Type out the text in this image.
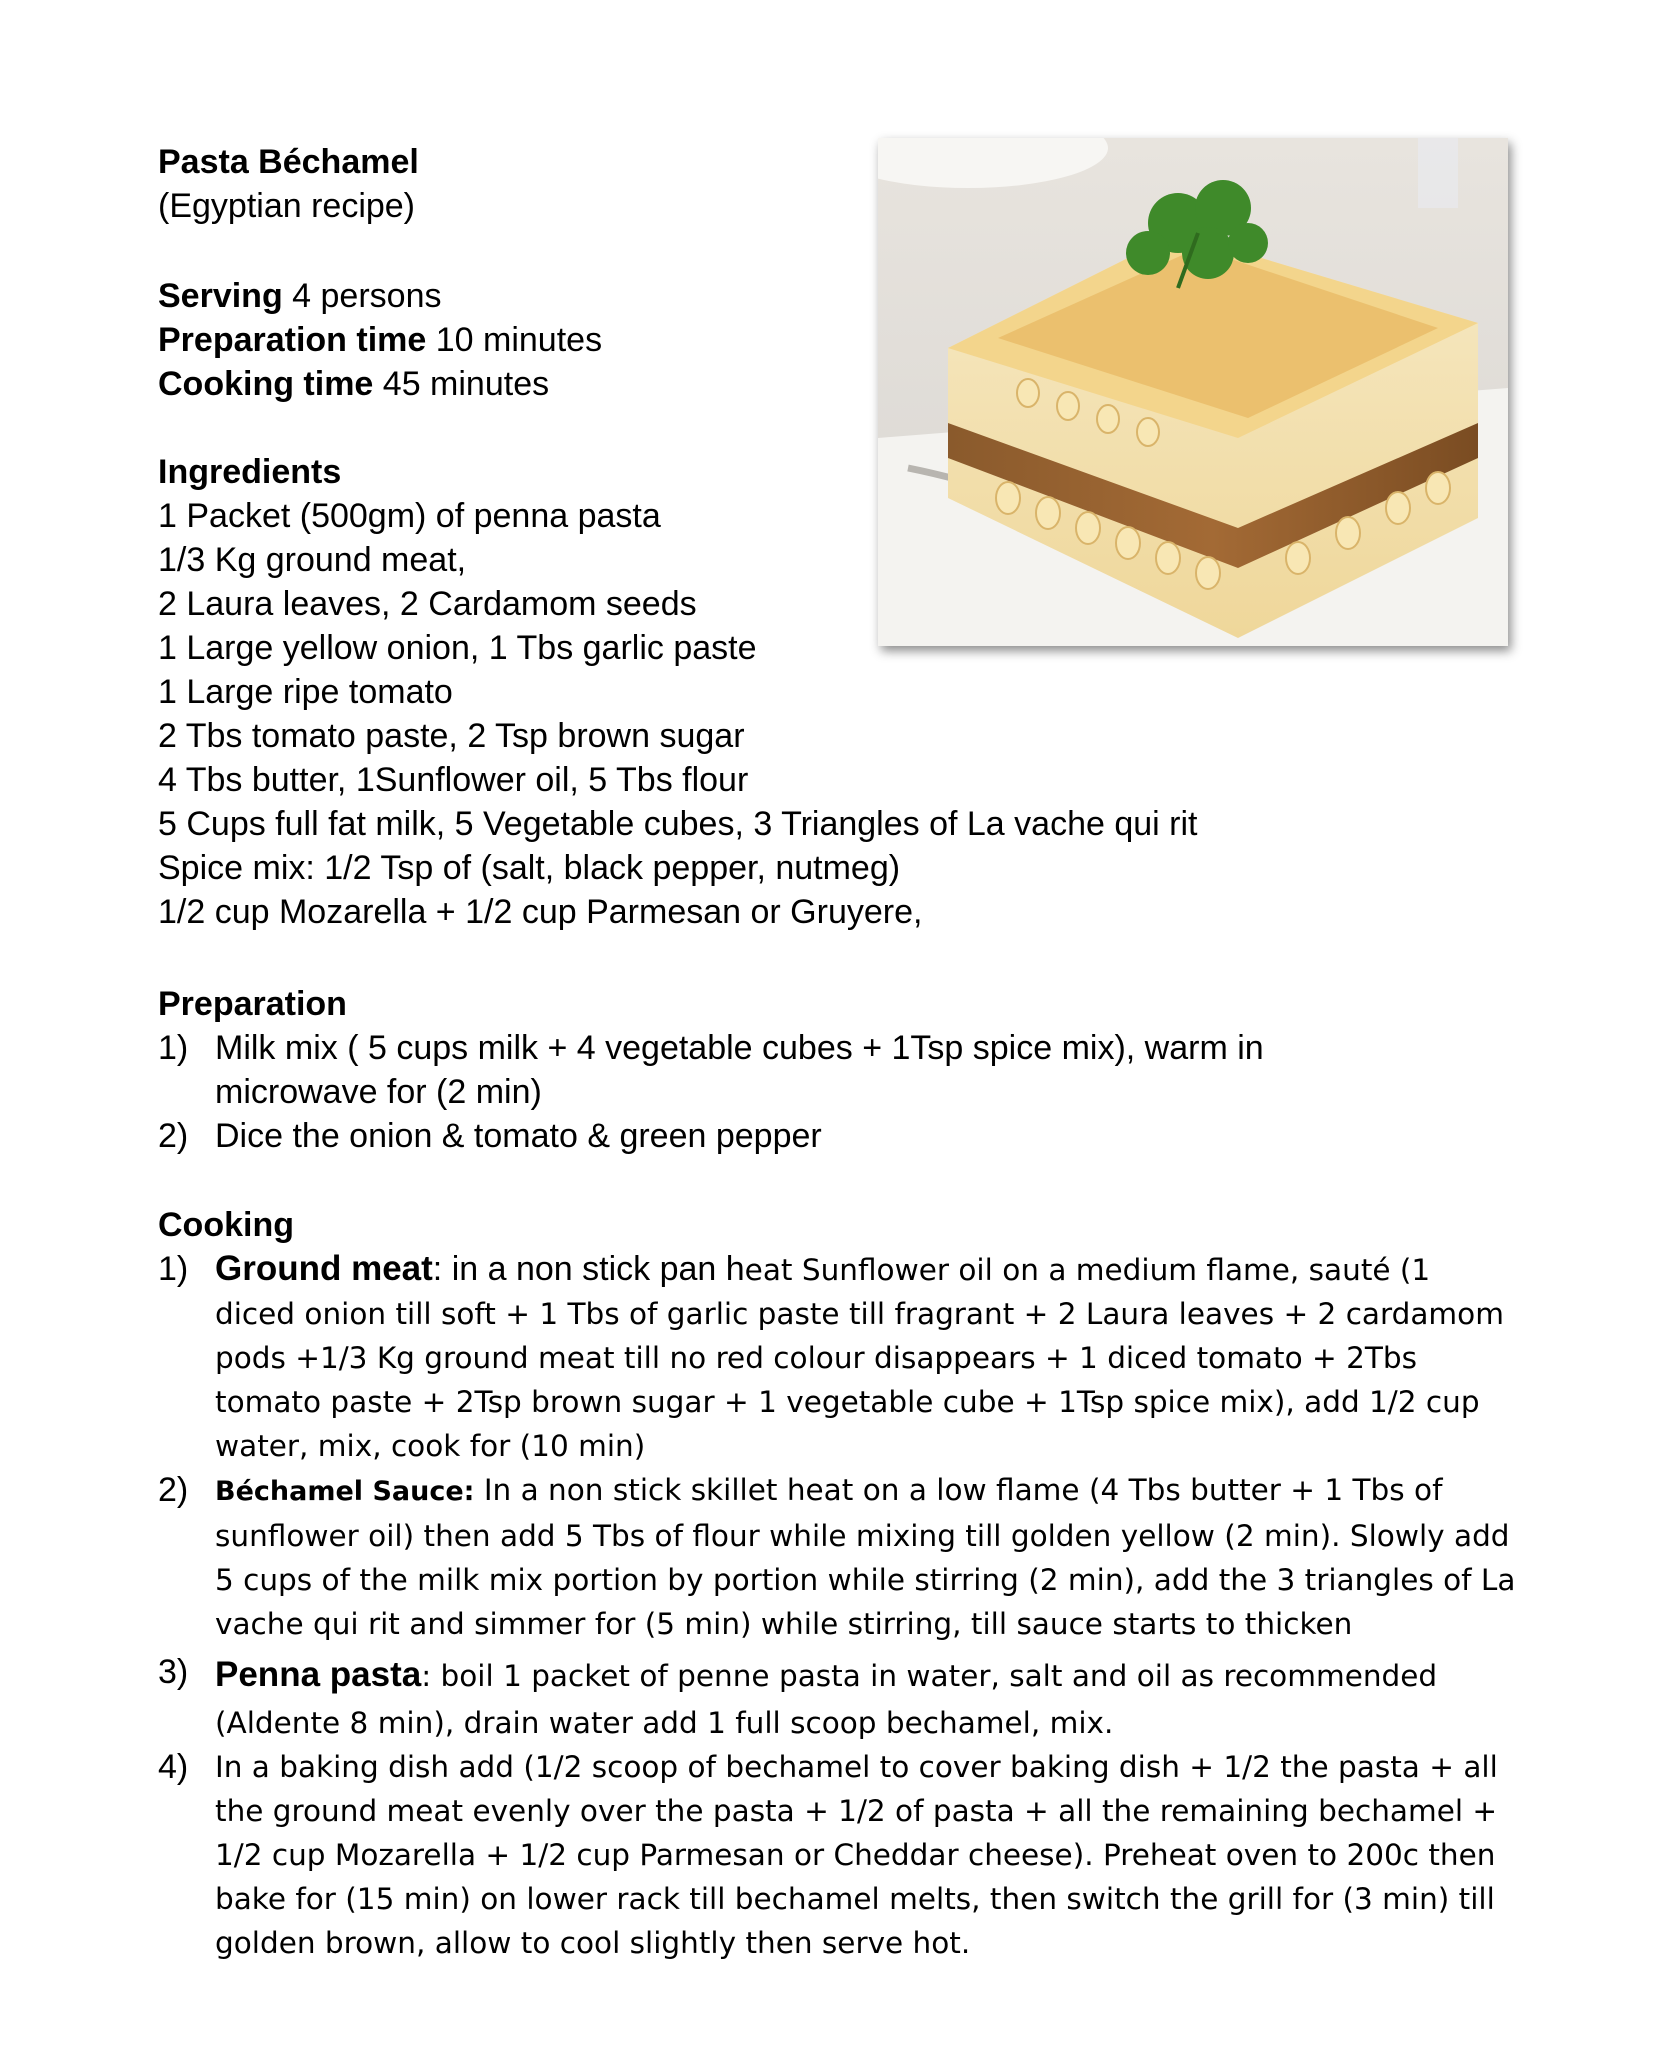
Pasta Béchamel
(Egyptian recipe)
Serving 4 persons
Preparation time 10 minutes
Cooking time 45 minutes
Ingredients
1 Packet (500gm) of penna pasta
1/3 Kg ground meat,
2 Laura leaves, 2 Cardamom seeds
1 Large yellow onion, 1 Tbs garlic paste
1 Large ripe tomato
2 Tbs tomato paste, 2 Tsp brown sugar
4 Tbs butter, 1Sunflower oil, 5 Tbs flour
5 Cups full fat milk, 5 Vegetable cubes, 3 Triangles of La vache qui rit
Spice mix: 1/2 Tsp of (salt, black pepper, nutmeg)
1/2 cup Mozarella + 1/2 cup Parmesan or Gruyere,
Preparation
1) Milk mix ( 5 cups milk + 4 vegetable cubes + 1Tsp spice mix), warm in
microwave for (2 min)
2) Dice the onion & tomato & green pepper
Cooking
1) Ground meat: in a non stick pan heat Sunflower oil on a medium flame, sauté (1
diced onion till soft + 1 Tbs of garlic paste till fragrant + 2 Laura leaves + 2 cardamom
pods +1/3 Kg ground meat till no red colour disappears + 1 diced tomato + 2Tbs
tomato paste + 2Tsp brown sugar + 1 vegetable cube + 1Tsp spice mix), add 1/2 cup
water, mix, cook for (10 min)
2) Béchamel Sauce: In a non stick skillet heat on a low flame (4 Tbs butter + 1 Tbs of
sunflower oil) then add 5 Tbs of flour while mixing till golden yellow (2 min). Slowly add
5 cups of the milk mix portion by portion while stirring (2 min), add the 3 triangles of La
vache qui rit and simmer for (5 min) while stirring, till sauce starts to thicken
3) Penna pasta: boil 1 packet of penne pasta in water, salt and oil as recommended
(Aldente 8 min), drain water add 1 full scoop bechamel, mix.
4) In a baking dish add (1/2 scoop of bechamel to cover baking dish + 1/2 the pasta + all
the ground meat evenly over the pasta + 1/2 of pasta + all the remaining bechamel +
1/2 cup Mozarella + 1/2 cup Parmesan or Cheddar cheese). Preheat oven to 200c then
bake for (15 min) on lower rack till bechamel melts, then switch the grill for (3 min) till
golden brown, allow to cool slightly then serve hot.
